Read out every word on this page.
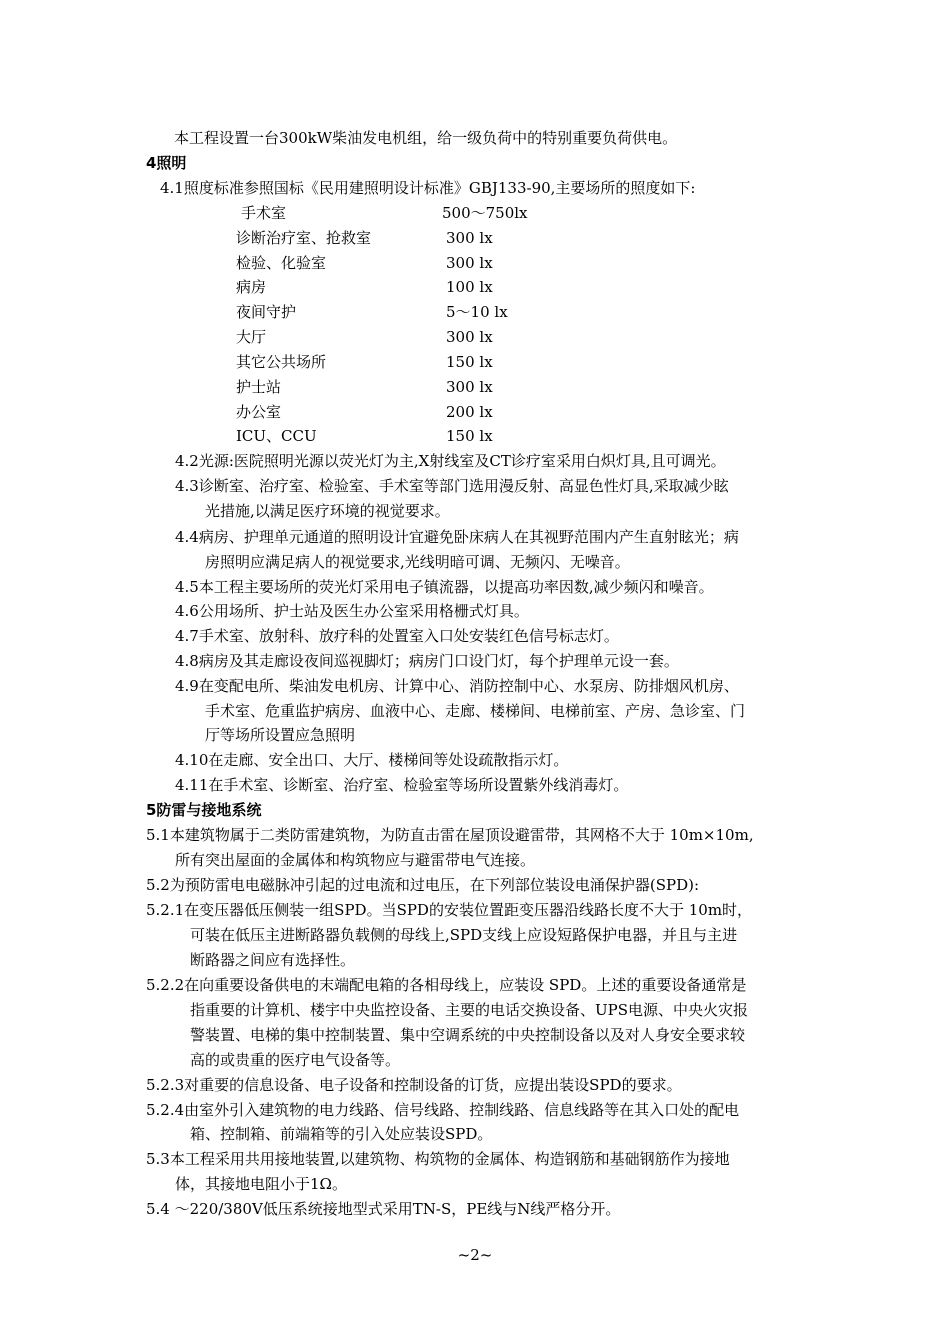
本工程设置一台300kW柴油发电机组，给一级负荷中的特别重要负荷供电。
4照明
4.1照度标准参照国标《民用建照明设计标准》GBJ133-90,主要场所的照度如下:
手术室	500～750lx
诊断治疗室、抢救室	300 lx
检验、化验室	300 lx
病房	100 lx
夜间守护	5～10 lx
大厅	300 lx
其它公共场所	150 lx
护士站	300 lx
办公室	200 lx
ICU、CCU	150 lx
4.2光源:医院照明光源以荧光灯为主,X射线室及CT诊疗室采用白炽灯具,且可调光。
4.3诊断室、治疗室、检验室、手术室等部门选用漫反射、高显色性灯具,采取减少眩
光措施,以满足医疗环境的视觉要求。
4.4病房、护理单元通道的照明设计宜避免卧床病人在其视野范围内产生直射眩光；病
房照明应满足病人的视觉要求,光线明暗可调、无频闪、无噪音。
4.5本工程主要场所的荧光灯采用电子镇流器，以提高功率因数,减少频闪和噪音。
4.6公用场所、护士站及医生办公室采用格栅式灯具。
4.7手术室、放射科、放疗科的处置室入口处安装红色信号标志灯。
4.8病房及其走廊设夜间巡视脚灯；病房门口设门灯，每个护理单元设一套。
4.9在变配电所、柴油发电机房、计算中心、消防控制中心、水泵房、防排烟风机房、
手术室、危重监护病房、血液中心、走廊、楼梯间、电梯前室、产房、急诊室、门
厅等场所设置应急照明
4.10在走廊、安全出口、大厅、楼梯间等处设疏散指示灯。
4.11在手术室、诊断室、治疗室、检验室等场所设置紫外线消毒灯。
5防雷与接地系统
5.1本建筑物属于二类防雷建筑物，为防直击雷在屋顶设避雷带，其网格不大于 10m×10m,
所有突出屋面的金属体和构筑物应与避雷带电气连接。
5.2为预防雷电电磁脉冲引起的过电流和过电压，在下列部位装设电涌保护器(SPD):
5.2.1在变压器低压侧装一组SPD。当SPD的安装位置距变压器沿线路长度不大于 10m时，
可装在低压主进断路器负载侧的母线上,SPD支线上应设短路保护电器，并且与主进
断路器之间应有选择性。
5.2.2在向重要设备供电的末端配电箱的各相母线上，应装设 SPD。上述的重要设备通常是
指重要的计算机、楼宇中央监控设备、主要的电话交换设备、UPS电源、中央火灾报
警装置、电梯的集中控制装置、集中空调系统的中央控制设备以及对人身安全要求较
高的或贵重的医疗电气设备等。
5.2.3对重要的信息设备、电子设备和控制设备的订货，应提出装设SPD的要求。
5.2.4由室外引入建筑物的电力线路、信号线路、控制线路、信息线路等在其入口处的配电
箱、控制箱、前端箱等的引入处应装设SPD。
5.3本工程采用共用接地装置,以建筑物、构筑物的金属体、构造钢筋和基础钢筋作为接地
体，其接地电阻小于1Ω。
5.4 ～220/380V低压系统接地型式采用TN-S，PE线与N线严格分开。
~2~
